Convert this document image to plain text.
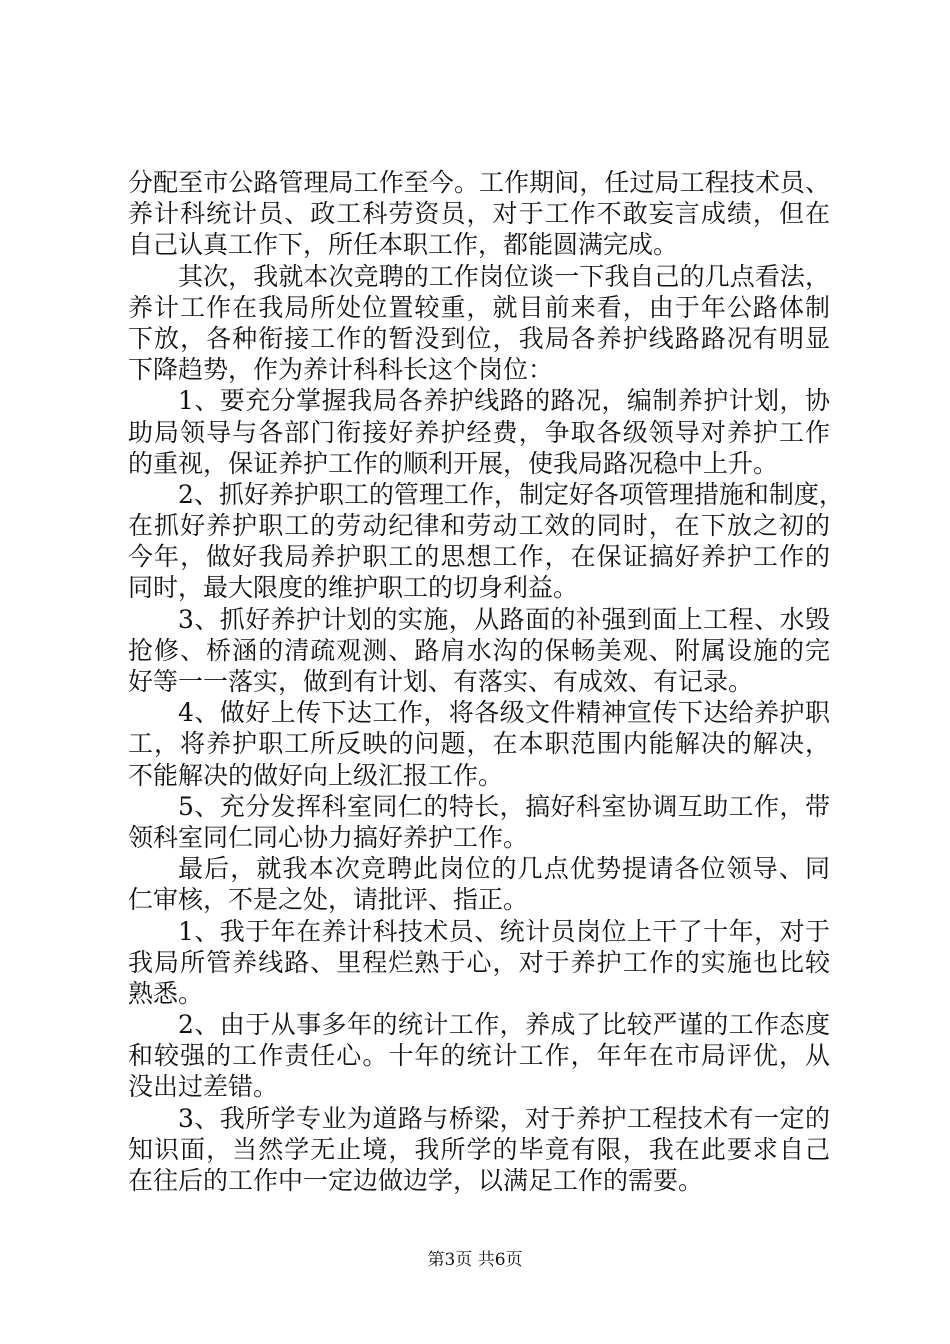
分配至市公路管理局工作至今。工作期间，任过局工程技术员、
养计科统计员、政工科劳资员，对于工作不敢妄言成绩，但在
自己认真工作下，所任本职工作，都能圆满完成。
其次，我就本次竞聘的工作岗位谈一下我自己的几点看法，
养计工作在我局所处位置较重，就目前来看，由于年公路体制
下放，各种衔接工作的暂没到位，我局各养护线路路况有明显
下降趋势，作为养计科科长这个岗位：
1、要充分掌握我局各养护线路的路况，编制养护计划，协
助局领导与各部门衔接好养护经费，争取各级领导对养护工作
的重视，保证养护工作的顺利开展，使我局路况稳中上升。
2、抓好养护职工的管理工作，制定好各项管理措施和制度，
在抓好养护职工的劳动纪律和劳动工效的同时，在下放之初的
今年，做好我局养护职工的思想工作，在保证搞好养护工作的
同时，最大限度的维护职工的切身利益。
3、抓好养护计划的实施，从路面的补强到面上工程、水毁
抢修、桥涵的清疏观测、路肩水沟的保畅美观、附属设施的完
好等一一落实，做到有计划、有落实、有成效、有记录。
4、做好上传下达工作，将各级文件精神宣传下达给养护职
工，将养护职工所反映的问题，在本职范围内能解决的解决，
不能解决的做好向上级汇报工作。
5、充分发挥科室同仁的特长，搞好科室协调互助工作，带
领科室同仁同心协力搞好养护工作。
最后，就我本次竞聘此岗位的几点优势提请各位领导、同
仁审核，不是之处，请批评、指正。
1、我于年在养计科技术员、统计员岗位上干了十年，对于
我局所管养线路、里程烂熟于心，对于养护工作的实施也比较
熟悉。
2、由于从事多年的统计工作，养成了比较严谨的工作态度
和较强的工作责任心。十年的统计工作，年年在市局评优，从
没出过差错。
3、我所学专业为道路与桥梁，对于养护工程技术有一定的
知识面，当然学无止境，我所学的毕竟有限，我在此要求自己
在往后的工作中一定边做边学，以满足工作的需要。
第3页 共6页
